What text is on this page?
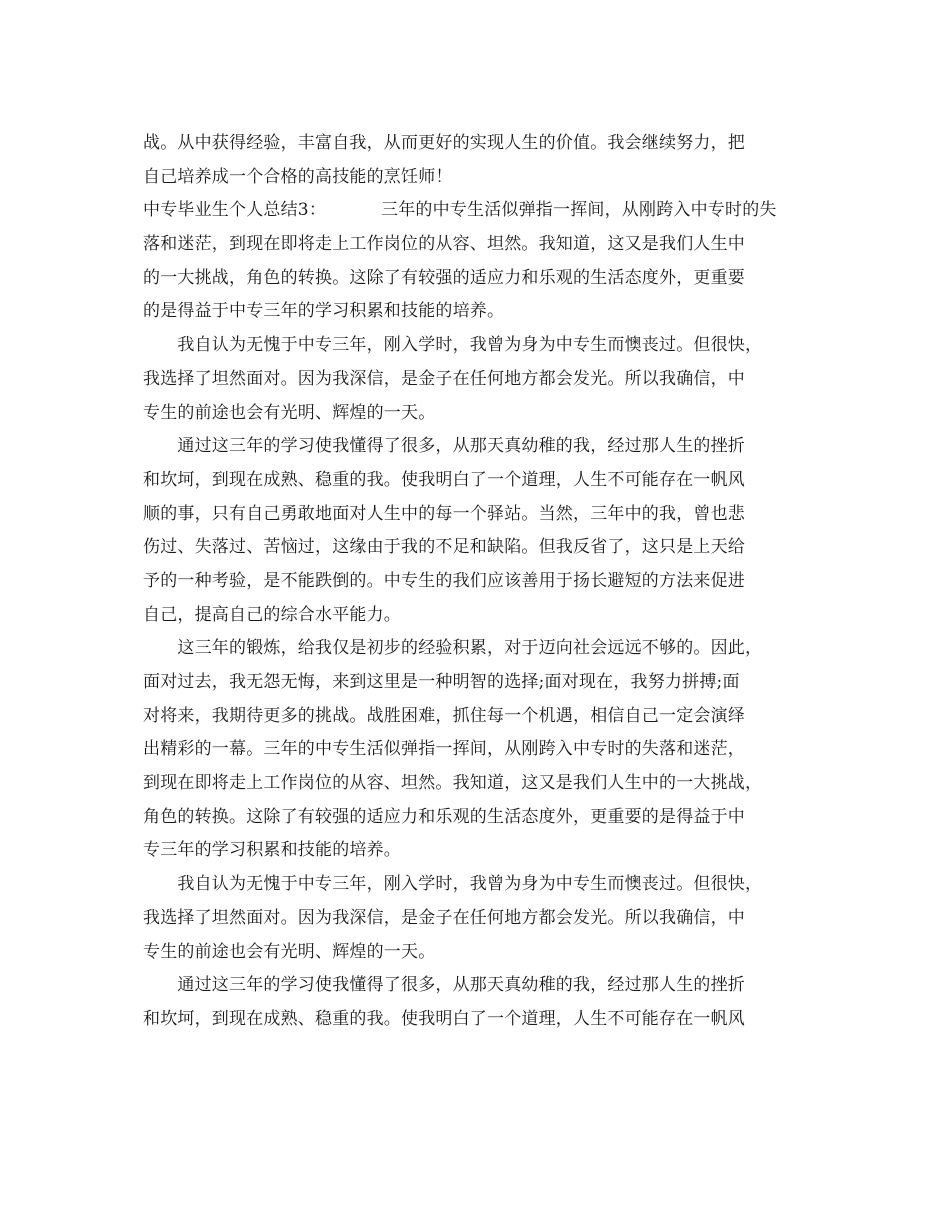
战。从中获得经验，丰富自我，从而更好的实现人生的价值。我会继续努力，把
自己培养成一个合格的高技能的烹饪师！
中专毕业生个人总结3：	三年的中专生活似弹指一挥间，从刚跨入中专时的失
落和迷茫，到现在即将走上工作岗位的从容、坦然。我知道，这又是我们人生中
的一大挑战，角色的转换。这除了有较强的适应力和乐观的生活态度外，更重要
的是得益于中专三年的学习积累和技能的培养。
　　我自认为无愧于中专三年，刚入学时，我曾为身为中专生而懊丧过。但很快，
我选择了坦然面对。因为我深信，是金子在任何地方都会发光。所以我确信，中
专生的前途也会有光明、辉煌的一天。
　　通过这三年的学习使我懂得了很多，从那天真幼稚的我，经过那人生的挫折
和坎坷，到现在成熟、稳重的我。使我明白了一个道理，人生不可能存在一帆风
顺的事，只有自己勇敢地面对人生中的每一个驿站。当然，三年中的我，曾也悲
伤过、失落过、苦恼过，这缘由于我的不足和缺陷。但我反省了，这只是上天给
予的一种考验，是不能跌倒的。中专生的我们应该善用于扬长避短的方法来促进
自己，提高自己的综合水平能力。
　　这三年的锻炼，给我仅是初步的经验积累，对于迈向社会远远不够的。因此，
面对过去，我无怨无悔，来到这里是一种明智的选择;面对现在，我努力拼搏;面
对将来，我期待更多的挑战。战胜困难，抓住每一个机遇，相信自己一定会演绎
出精彩的一幕。三年的中专生活似弹指一挥间，从刚跨入中专时的失落和迷茫，
到现在即将走上工作岗位的从容、坦然。我知道，这又是我们人生中的一大挑战，
角色的转换。这除了有较强的适应力和乐观的生活态度外，更重要的是得益于中
专三年的学习积累和技能的培养。
　　我自认为无愧于中专三年，刚入学时，我曾为身为中专生而懊丧过。但很快，
我选择了坦然面对。因为我深信，是金子在任何地方都会发光。所以我确信，中
专生的前途也会有光明、辉煌的一天。
　　通过这三年的学习使我懂得了很多，从那天真幼稚的我，经过那人生的挫折
和坎坷，到现在成熟、稳重的我。使我明白了一个道理，人生不可能存在一帆风
